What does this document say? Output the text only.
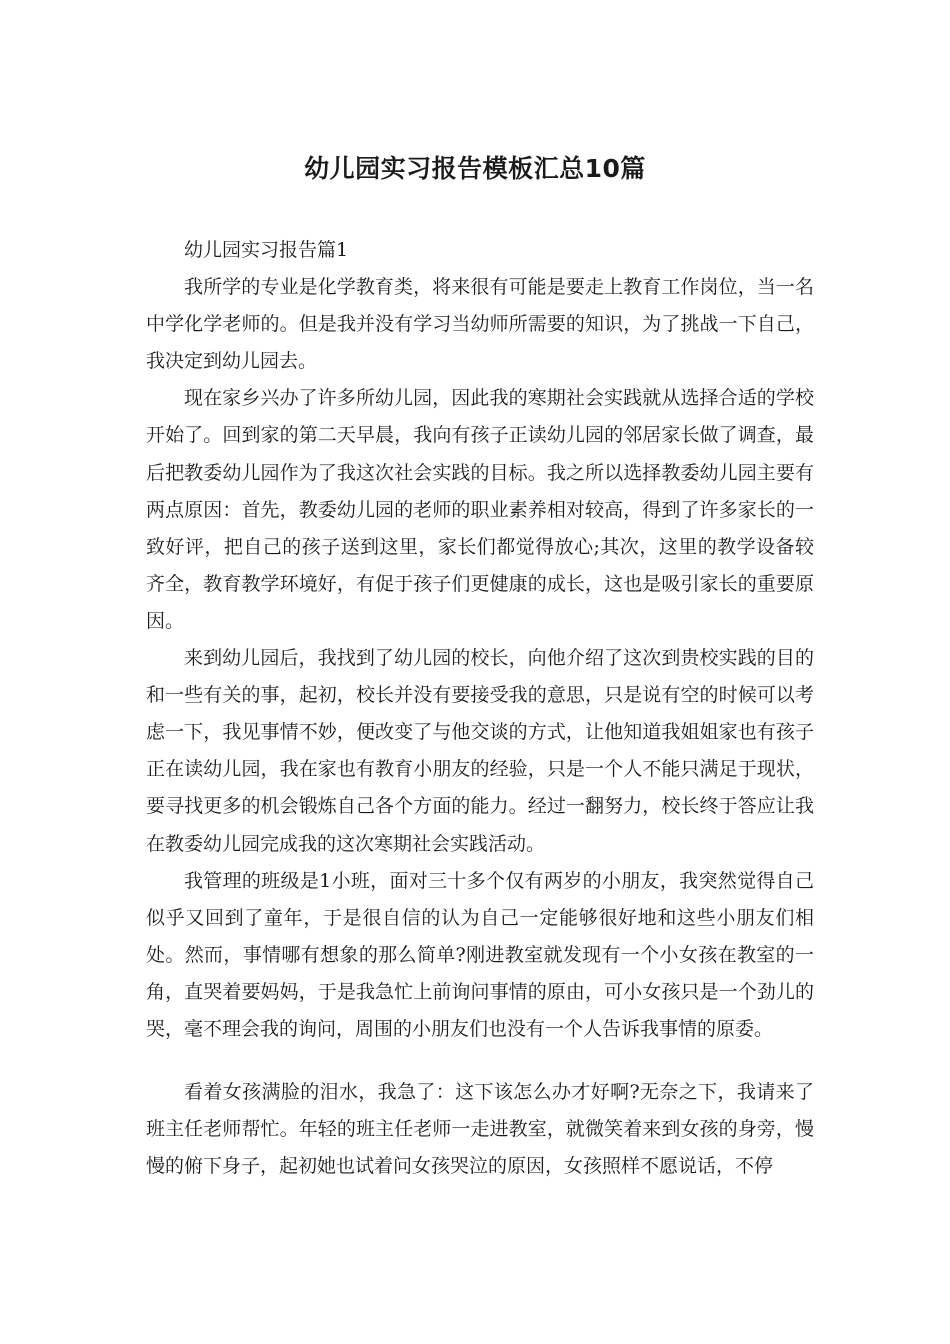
幼儿园实习报告模板汇总10篇
幼儿园实习报告篇1

我所学的专业是化学教育类，将来很有可能是要走上教育工作岗位，当一名中学化学老师的。但是我并没有学习当幼师所需要的知识，为了挑战一下自己，我决定到幼儿园去。

现在家乡兴办了许多所幼儿园，因此我的寒期社会实践就从选择合适的学校开始了。回到家的第二天早晨，我向有孩子正读幼儿园的邻居家长做了调查，最后把教委幼儿园作为了我这次社会实践的目标。我之所以选择教委幼儿园主要有两点原因：首先，教委幼儿园的老师的职业素养相对较高，得到了许多家长的一致好评，把自己的孩子送到这里，家长们都觉得放心;其次，这里的教学设备较齐全，教育教学环境好，有促于孩子们更健康的成长，这也是吸引家长的重要原因。

来到幼儿园后，我找到了幼儿园的校长，向他介绍了这次到贵校实践的目的和一些有关的事，起初，校长并没有要接受我的意思，只是说有空的时候可以考虑一下，我见事情不妙，便改变了与他交谈的方式，让他知道我姐姐家也有孩子正在读幼儿园，我在家也有教育小朋友的经验，只是一个人不能只满足于现状，要寻找更多的机会锻炼自己各个方面的能力。经过一翻努力，校长终于答应让我在教委幼儿园完成我的这次寒期社会实践活动。

我管理的班级是1小班，面对三十多个仅有两岁的小朋友，我突然觉得自己似乎又回到了童年，于是很自信的认为自己一定能够很好地和这些小朋友们相处。然而，事情哪有想象的那么简单?刚进教室就发现有一个小女孩在教室的一角，直哭着要妈妈，于是我急忙上前询问事情的原由，可小女孩只是一个劲儿的哭，毫不理会我的询问，周围的小朋友们也没有一个人告诉我事情的原委。

看着女孩满脸的泪水，我急了：这下该怎么办才好啊?无奈之下，我请来了班主任老师帮忙。年轻的班主任老师一走进教室，就微笑着来到女孩的身旁，慢慢的俯下身子，起初她也试着问女孩哭泣的原因，女孩照样不愿说话，不停
